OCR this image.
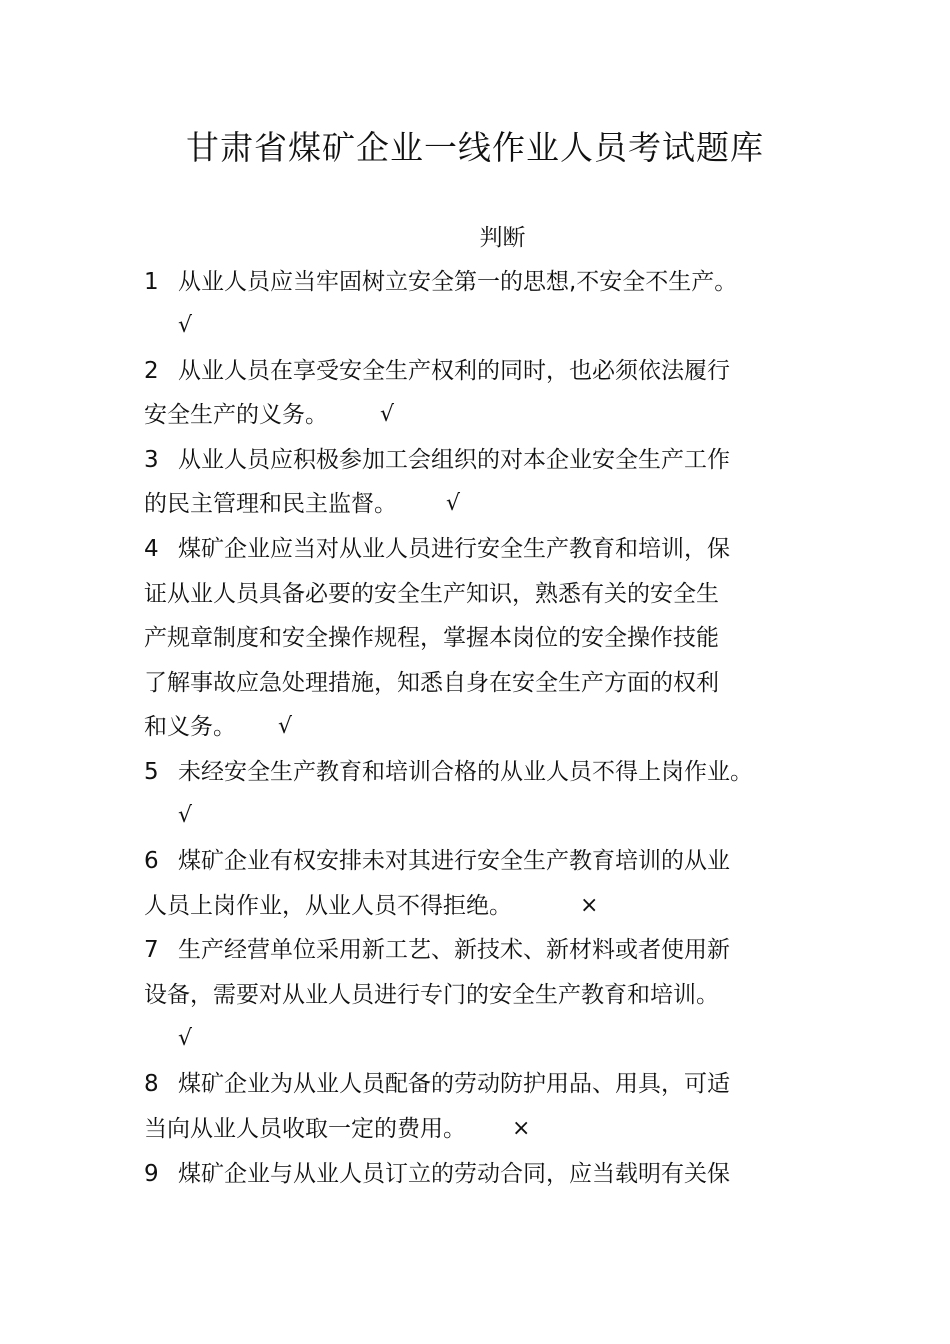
甘肃省煤矿企业一线作业人员考试题库
判断
1 从业人员应当牢固树立安全第一的思想,不安全不生产。
√
2 从业人员在享受安全生产权利的同时，也必须依法履行
安全生产的义务。 √
3 从业人员应积极参加工会组织的对本企业安全生产工作
的民主管理和民主监督。 √
4 煤矿企业应当对从业人员进行安全生产教育和培训，保
证从业人员具备必要的安全生产知识，熟悉有关的安全生
产规章制度和安全操作规程，掌握本岗位的安全操作技能
了解事故应急处理措施，知悉自身在安全生产方面的权利
和义务。 √
5 未经安全生产教育和培训合格的从业人员不得上岗作业。
√
6 煤矿企业有权安排未对其进行安全生产教育培训的从业
人员上岗作业，从业人员不得拒绝。	×
7 生产经营单位采用新工艺、新技术、新材料或者使用新
设备，需要对从业人员进行专门的安全生产教育和培训。
√
8 煤矿企业为从业人员配备的劳动防护用品、用具，可适
当向从业人员收取一定的费用。 ×
9 煤矿企业与从业人员订立的劳动合同，应当载明有关保
